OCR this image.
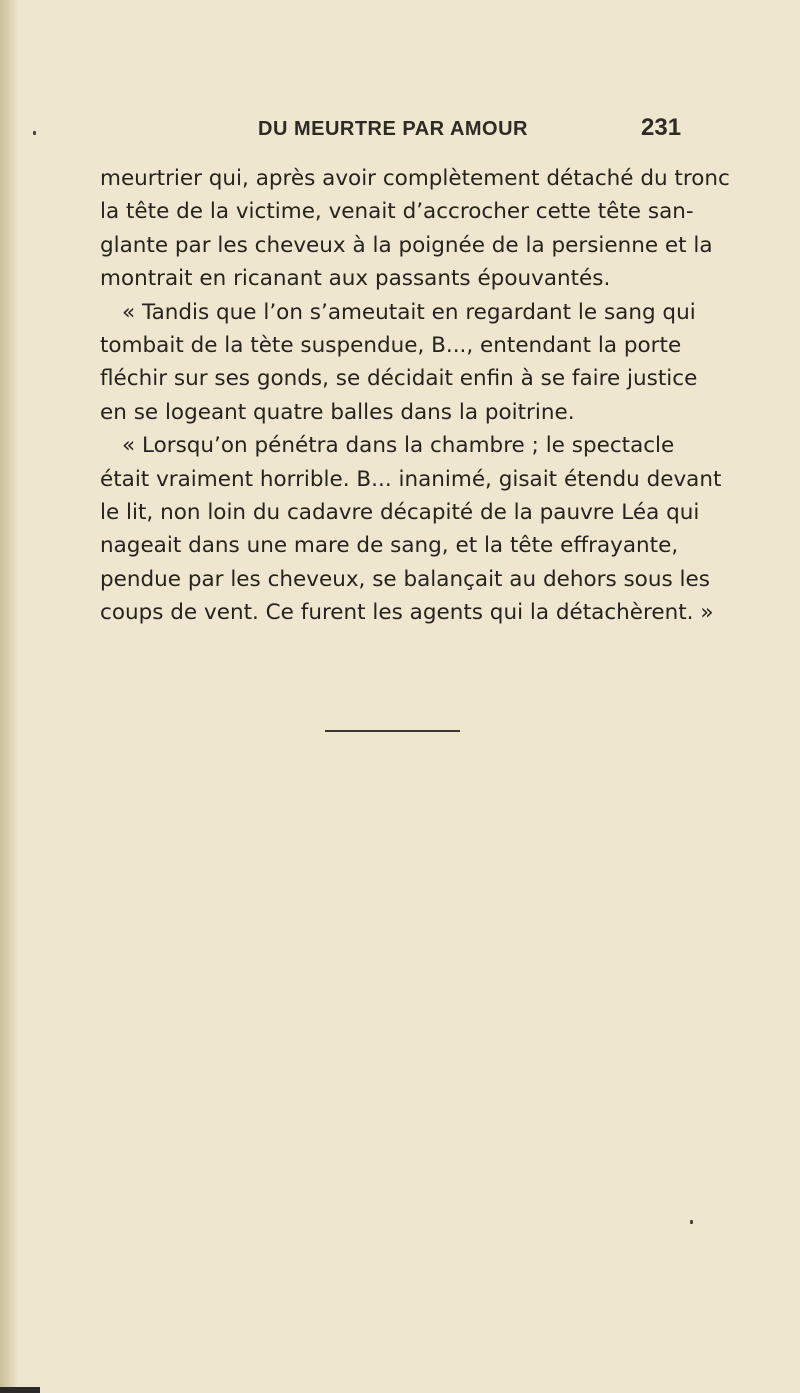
DU MEURTRE PAR AMOUR	231
meurtrier qui, après avoir complètement détaché du tronc
la tête de la victime, venait d’accrocher cette tête san-
glante par les cheveux à la poignée de la persienne et la
montrait en ricanant aux passants épouvantés.
« Tandis que l’on s’ameutait en regardant le sang qui
tombait de la tète suspendue, B..., entendant la porte
fléchir sur ses gonds, se décidait enfin à se faire justice
en se logeant quatre balles dans la poitrine.
« Lorsqu’on pénétra dans la chambre ; le spectacle
était vraiment horrible. B... inanimé, gisait étendu devant
le lit, non loin du cadavre décapité de la pauvre Léa qui
nageait dans une mare de sang, et la tête effrayante,
pendue par les cheveux, se balançait au dehors sous les
coups de vent. Ce furent les agents qui la détachèrent. »
